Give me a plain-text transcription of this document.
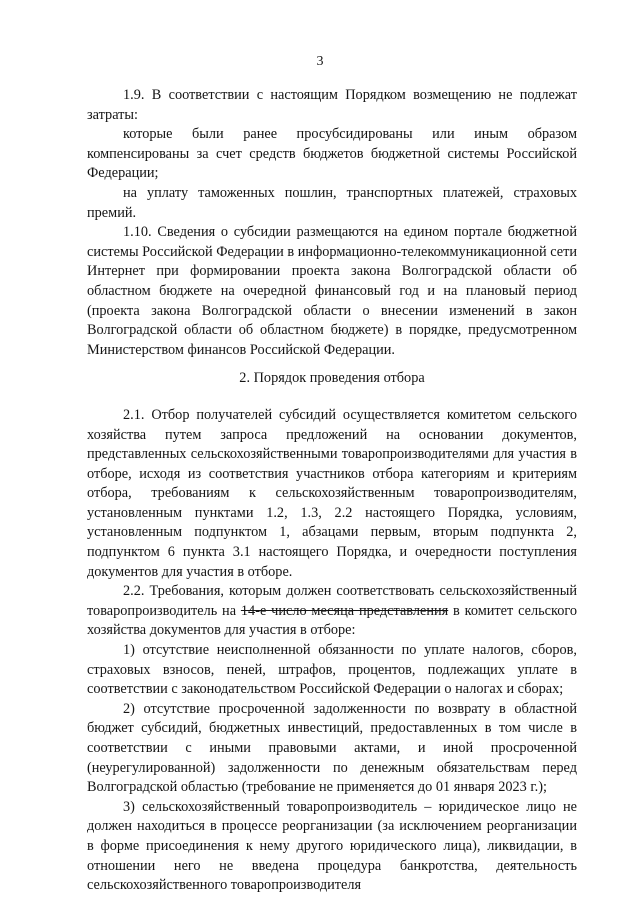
3

1.9. В соответствии с настоящим Порядком возмещению не подлежат затраты:

которые были ранее просубсидированы или иным образом компенсированы за счет средств бюджетов бюджетной системы Российской Федерации;

на уплату таможенных пошлин, транспортных платежей, страховых премий.

1.10. Сведения о субсидии размещаются на едином портале бюджетной системы Российской Федерации в информационно-телекоммуникационной сети Интернет при формировании проекта закона Волгоградской области об областном бюджете на очередной финансовый год и на плановый период (проекта закона Волгоградской области о внесении изменений в закон Волгоградской области об областном бюджете) в порядке, предусмотренном Министерством финансов Российской Федерации.

2. Порядок проведения отбора

2.1. Отбор получателей субсидий осуществляется комитетом сельского хозяйства путем запроса предложений на основании документов, представленных сельскохозяйственными товаропроизводителями для участия в отборе, исходя из соответствия участников отбора категориям и критериям отбора, требованиям к сельскохозяйственным товаропроизводителям, установленным пунктами 1.2, 1.3, 2.2 настоящего Порядка, условиям, установленным подпунктом 1, абзацами первым, вторым подпункта 2, подпунктом 6 пункта 3.1 настоящего Порядка, и очередности поступления документов для участия в отборе.

2.2. Требования, которым должен соответствовать сельскохозяйственный товаропроизводитель на 14-е число месяца представления в комитет сельского хозяйства документов для участия в отборе:

1) отсутствие неисполненной обязанности по уплате налогов, сборов, страховых взносов, пеней, штрафов, процентов, подлежащих уплате в соответствии с законодательством Российской Федерации о налогах и сборах;

2) отсутствие просроченной задолженности по возврату в областной бюджет субсидий, бюджетных инвестиций, предоставленных в том числе в соответствии с иными правовыми актами, и иной просроченной (неурегулированной) задолженности по денежным обязательствам перед Волгоградской областью (требование не применяется до 01 января 2023 г.);

3) сельскохозяйственный товаропроизводитель – юридическое лицо не должен находиться в процессе реорганизации (за исключением реорганизации в форме присоединения к нему другого юридического лица), ликвидации, в отношении него не введена процедура банкротства, деятельность сельскохозяйственного товаропроизводителя
